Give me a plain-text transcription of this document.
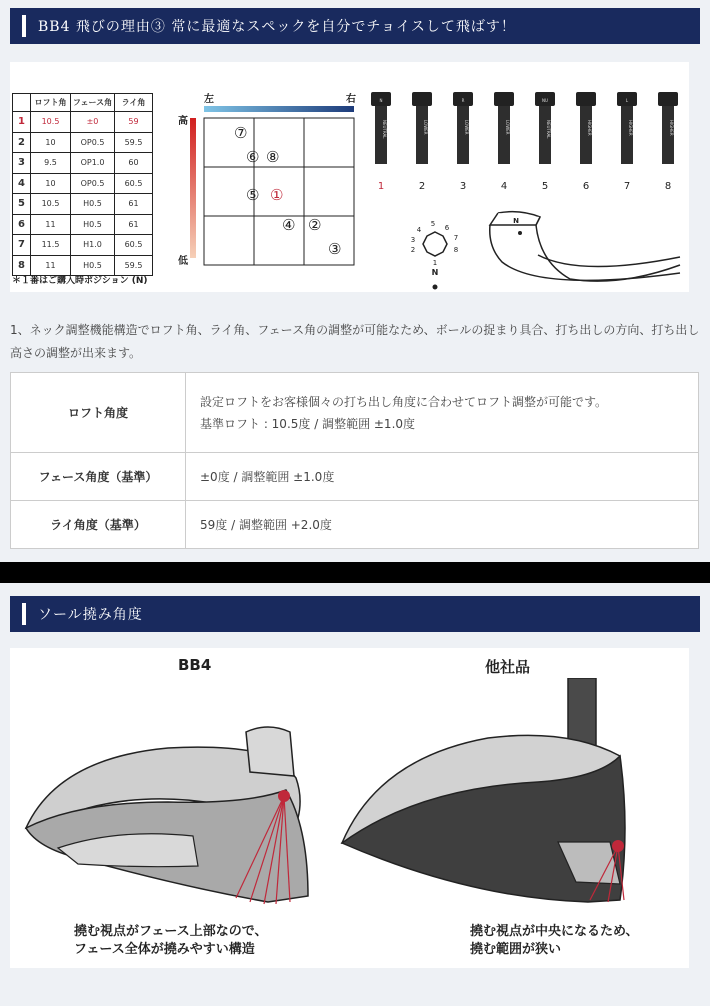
BB4 飛びの理由③ 常に最適なスペックを自分でチョイスして飛ばす！
	ロフト角	フェース角	ライ角
1	10.5	±0	59
2	10	OP0.5	59.5
3	9.5	OP1.0	60
4	10	OP0.5	60.5
5	10.5	H0.5	61
6	11	H0.5	61
7	11.5	H1.0	60.5
8	11	H0.5	59.5
＊１番はご購入時ポジション (N)
左	右
高
低
⑦
⑥ ⑧
⑤ ①
④ ②
③
NEUTRAL
N
1
LOWER
2
LOWER
R
3
LOWER
4
NEUTRAL
NU
5
HIGHER
6
HIGHER
L
7
HIGHER
8
5
4
3
6
7
2
1
8
N
N
1、ネック調整機能構造でロフト角、ライ角、フェース角の調整が可能なため、ボールの捉まり具合、打ち出しの方向、打ち出し高さの調整が出来ます。
ロフト角度	設定ロフトをお客様個々の打ち出し角度に合わせてロフト調整が可能です。
基準ロフト : 10.5度 / 調整範囲 ±1.0度

フェース角度（基準）	±0度 / 調整範囲 ±1.0度

ライ角度（基準）	59度 / 調整範囲 +2.0度
ソール撓み角度
BB4	他社品
撓む視点がフェース上部なので、
フェース全体が撓みやすい構造
撓む視点が中央になるため、
撓む範囲が狭い
